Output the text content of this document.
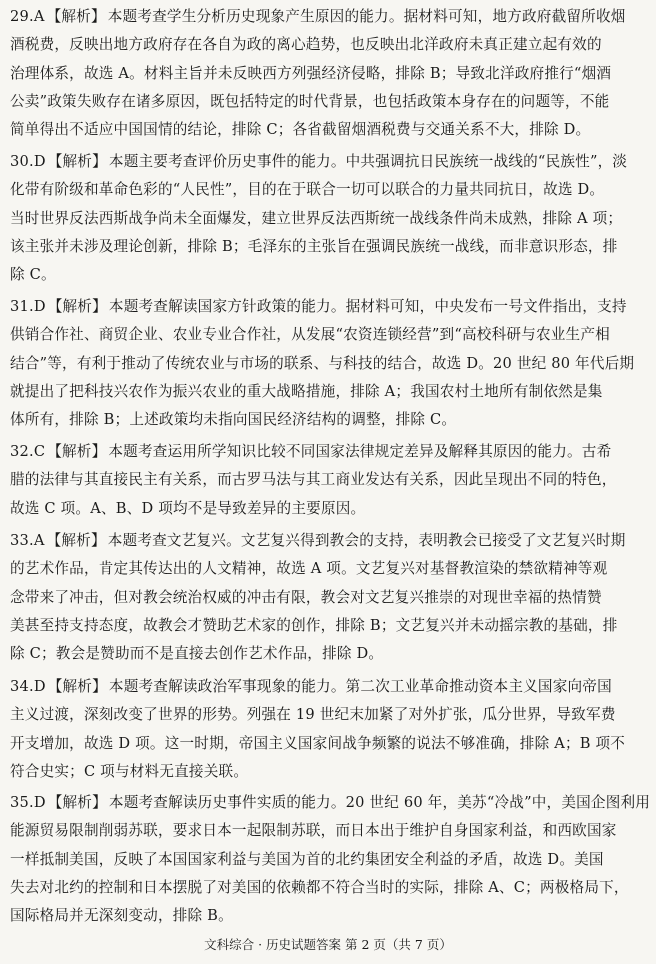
29.A 【解析】 本题考查学生分析历史现象产生原因的能力。据材料可知，地方政府截留所收烟
酒税费，反映出地方政府存在各自为政的离心趋势，也反映出北洋政府未真正建立起有效的
治理体系，故选 A。材料主旨并未反映西方列强经济侵略，排除 B；导致北洋政府推行“烟酒
公卖”政策失败存在诸多原因，既包括特定的时代背景，也包括政策本身存在的问题等，不能
简单得出不适应中国国情的结论，排除 C；各省截留烟酒税费与交通关系不大，排除 D。
30.D 【解析】 本题主要考查评价历史事件的能力。中共强调抗日民族统一战线的“民族性”，淡
化带有阶级和革命色彩的“人民性”，目的在于联合一切可以联合的力量共同抗日，故选 D。
当时世界反法西斯战争尚未全面爆发，建立世界反法西斯统一战线条件尚未成熟，排除 A 项；
该主张并未涉及理论创新，排除 B；毛泽东的主张旨在强调民族统一战线，而非意识形态，排
除 C。
31.D 【解析】 本题考查解读国家方针政策的能力。据材料可知，中央发布一号文件指出，支持
供销合作社、商贸企业、农业专业合作社，从发展“农资连锁经营”到“高校科研与农业生产相
结合”等，有利于推动了传统农业与市场的联系、与科技的结合，故选 D。20 世纪 80 年代后期
就提出了把科技兴农作为振兴农业的重大战略措施，排除 A；我国农村土地所有制依然是集
体所有，排除 B；上述政策均未指向国民经济结构的调整，排除 C。
32.C 【解析】 本题考查运用所学知识比较不同国家法律规定差异及解释其原因的能力。古希
腊的法律与其直接民主有关系，而古罗马法与其工商业发达有关系，因此呈现出不同的特色，
故选 C 项。A、B、D 项均不是导致差异的主要原因。
33.A 【解析】 本题考查文艺复兴。文艺复兴得到教会的支持，表明教会已接受了文艺复兴时期
的艺术作品，肯定其传达出的人文精神，故选 A 项。文艺复兴对基督教渲染的禁欲精神等观
念带来了冲击，但对教会统治权威的冲击有限，教会对文艺复兴推崇的对现世幸福的热情赞
美甚至持支持态度，故教会才赞助艺术家的创作，排除 B；文艺复兴并未动摇宗教的基础，排
除 C；教会是赞助而不是直接去创作艺术作品，排除 D。
34.D 【解析】 本题考查解读政治军事现象的能力。第二次工业革命推动资本主义国家向帝国
主义过渡，深刻改变了世界的形势。列强在 19 世纪末加紧了对外扩张，瓜分世界，导致军费
开支增加，故选 D 项。这一时期，帝国主义国家间战争频繁的说法不够准确，排除 A；B 项不
符合史实；C 项与材料无直接关联。
35.D 【解析】 本题考查解读历史事件实质的能力。20 世纪 60 年，美苏“冷战”中，美国企图利用
能源贸易限制削弱苏联，要求日本一起限制苏联，而日本出于维护自身国家利益，和西欧国家
一样抵制美国，反映了本国国家利益与美国为首的北约集团安全利益的矛盾，故选 D。美国
失去对北约的控制和日本摆脱了对美国的依赖都不符合当时的实际，排除 A、C；两极格局下，
国际格局并无深刻变动，排除 B。
文科综合 · 历史试题答案 第 2 页（共 7 页）
